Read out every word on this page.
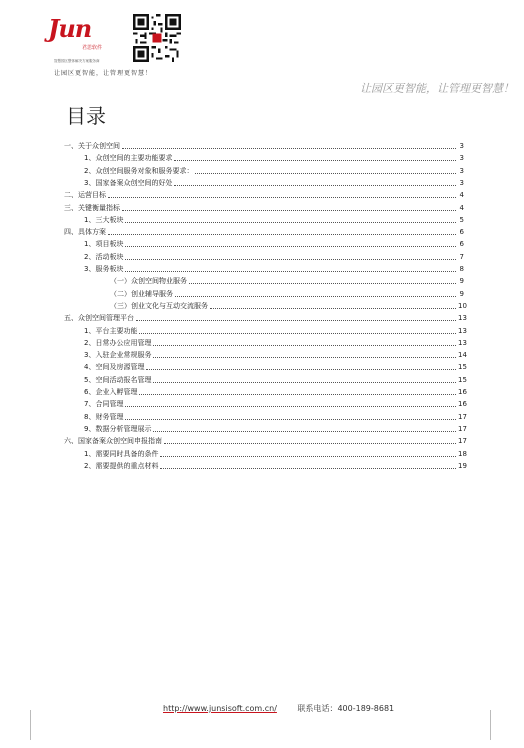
Jun
君思软件
智慧园区整体解决方案服务商
让园区更智能，让管理更智慧！
让园区更智能，让管理更智慧！
目录
一、关于众创空间	3
1、众创空间的主要功能要求	3
2、众创空间服务对象和服务要求：	3
3、国家备案众创空间的好处	3
二、运营目标	4
三、关键衡量指标	4
1、三大板块	5
四、具体方案	6
1、项目板块	6
2、活动板块	7
3、服务板块	8
（一）众创空间物业服务	9
（二）创业辅导服务	9
（三）创业文化与互动交流服务	10
五、众创空间管理平台	13
1、平台主要功能	13
2、日常办公应用管理	13
3、入驻企业常规服务	14
4、空间及房源管理	15
5、空间活动报名管理	15
6、企业入孵管理	16
7、合同管理	16
8、财务管理	17
9、数据分析管理展示	17
六、国家备案众创空间申报指南	17
1、需要同时具备的条件	18
2、需要提供的重点材料	19
http://www.junsisoft.com.cn/	联系电话：400-189-8681
